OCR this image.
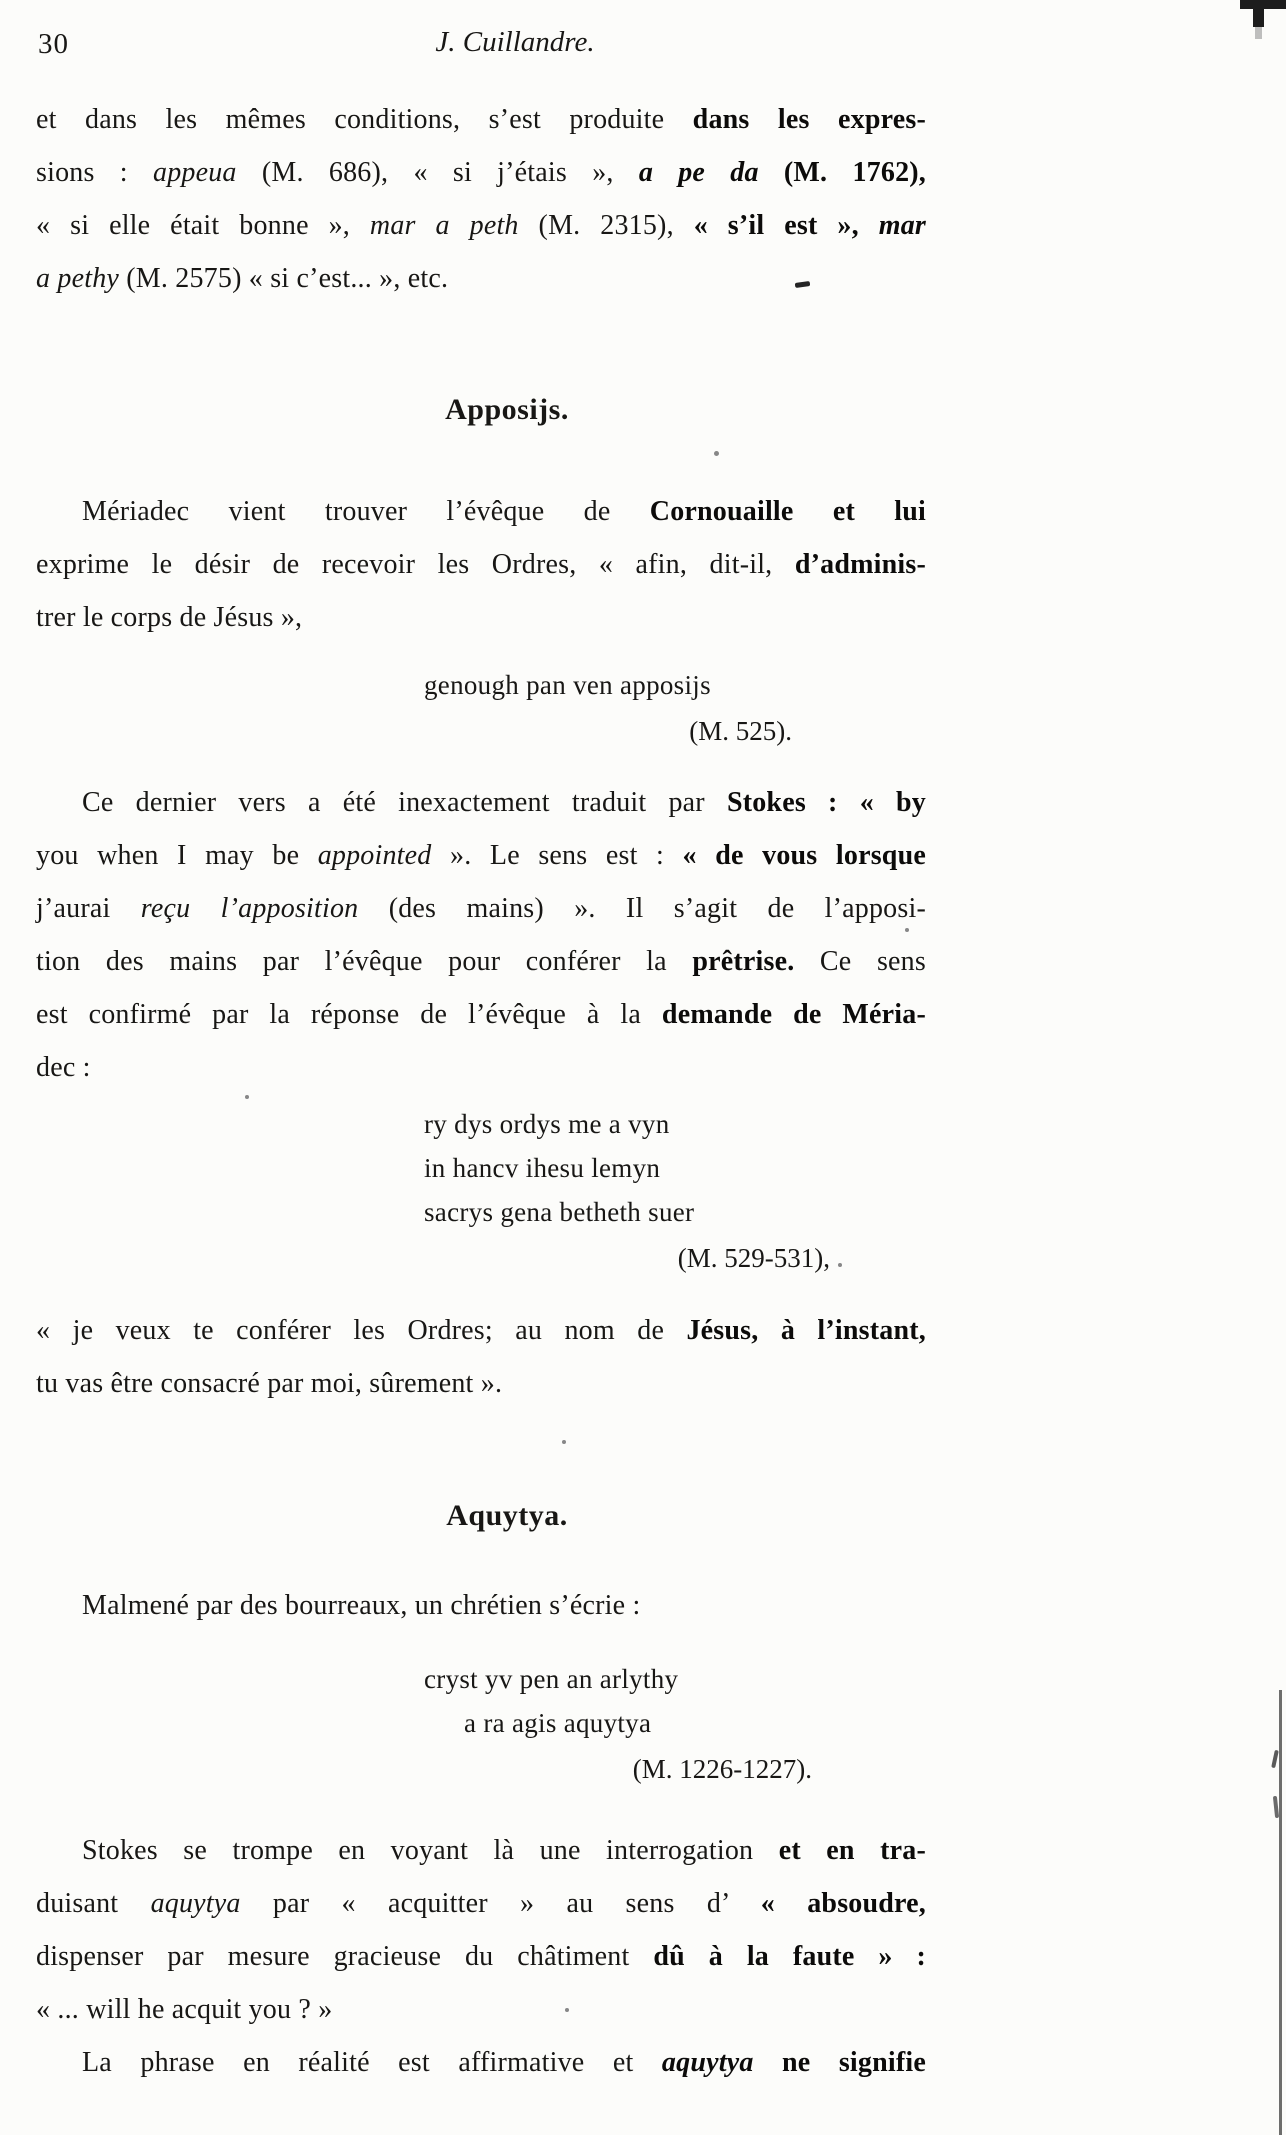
30	J. Cuillandre.
et dans les mêmes conditions, s’est produite dans les expres-
sions : appeua (M. 686), « si j’étais », a pe da (M. 1762),
« si elle était bonne », mar a peth (M. 2315), « s’il est », mar
a pethy (M. 2575) « si c’est... », etc.
Apposijs.
Mériadec vient trouver l’évêque de Cornouaille et lui
exprime le désir de recevoir les Ordres, « afin, dit-il, d’adminis-
trer le corps de Jésus »,
genough pan ven apposijs
(M. 525).
Ce dernier vers a été inexactement traduit par Stokes : « by
you when I may be appointed ». Le sens est : « de vous lorsque
j’aurai reçu l’apposition (des mains) ». Il s’agit de l’apposi-
tion des mains par l’évêque pour conférer la prêtrise. Ce sens
est confirmé par la réponse de l’évêque à la demande de Méria-
dec :
ry dys ordys me a vyn
in hancv ihesu lemyn
sacrys gena betheth suer
(M. 529-531),
« je veux te conférer les Ordres; au nom de Jésus, à l’instant,
tu vas être consacré par moi, sûrement ».
Aquytya.
Malmené par des bourreaux, un chrétien s’écrie :
cryst yv pen an arlythy
a ra agis aquytya
(M. 1226-1227).
Stokes se trompe en voyant là une interrogation et en tra-
duisant aquytya par « acquitter » au sens d’ « absoudre,
dispenser par mesure gracieuse du châtiment dû à la faute » :
« ... will he acquit you ? »
La phrase en réalité est affirmative et aquytya ne signifie
